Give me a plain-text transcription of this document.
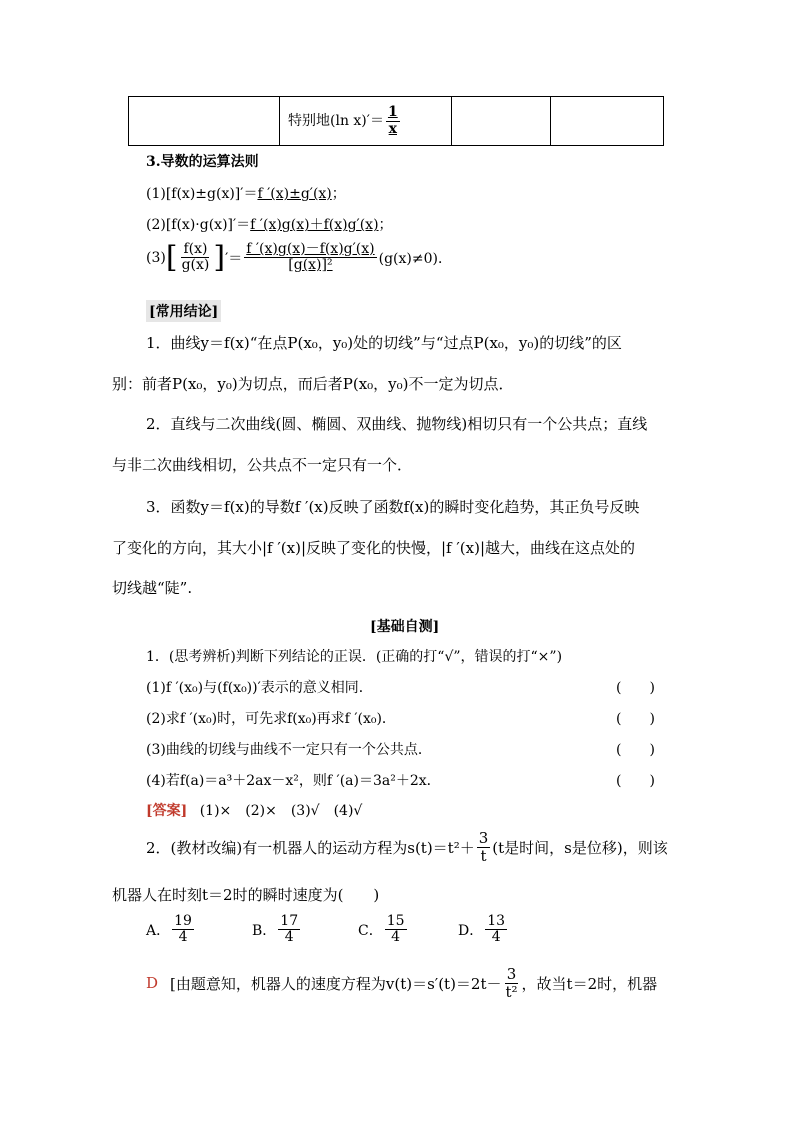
	特别地(ln $x)'= \frac{1}{x}$

3.导数的运算法则
(1)[f(x)±g(x)]′＝f ′(x)±g′(x)；
(2)[f(x)·g(x)]′＝f ′(x)g(x)＋f(x)g′(x)；
(3) [ $\frac{f(x)}{g(x)}$ ] ′＝ $\frac{f '(x)g(x)-f(x)g'(x)}{\text{[g(x)]²}} (g(x)\ne 0)$．
[常用结论]
1．曲线y＝f(x)“在点P(x₀，y₀)处的切线”与“过点P(x₀，y₀)的切线”的区
别：前者P(x₀，y₀)为切点，而后者P(x₀，y₀)不一定为切点．
2．直线与二次曲线(圆、椭圆、双曲线、抛物线)相切只有一个公共点；直线
与非二次曲线相切，公共点不一定只有一个．
3．函数y＝f(x)的导数f ′(x)反映了函数f(x)的瞬时变化趋势，其正负号反映
了变化的方向，其大小|f ′(x)|反映了变化的快慢，|f ′(x)|越大，曲线在这点处的
切线越“陡”.
[基础自测]
1．(思考辨析)判断下列结论的正误．(正确的打“√”，错误的打“×”)
(1)f ′(x₀)与(f(x₀))′表示的意义相同．	(　　)
(2)求f ′(x₀)时，可先求f(x₀)再求f ′(x₀)．	(　　)
(3)曲线的切线与曲线不一定只有一个公共点．	(　　)
(4)若f(a)＝a³＋2ax－x²，则f ′(a)＝3a²＋2x．	(　　)
[答案] (1)×　(2)×　(3)√　(4)√
2．(教材改编)有一机器人的运动方程为$s(t)=t^2+ \frac{3}{t} (t$是时间，s是位移)，则该
机器人在时刻t＝2时的瞬时速度为(　　)
A． $\frac{19}{4}$	B． $\frac{17}{4}$	C． $\frac{15}{4}$	D． $\frac{13}{4}$
D [由题意知，机器人的速度方程为$v(t)=s'(t)=2t- \frac{3}{\text{t²}}$ ，故当t＝2时，机器
